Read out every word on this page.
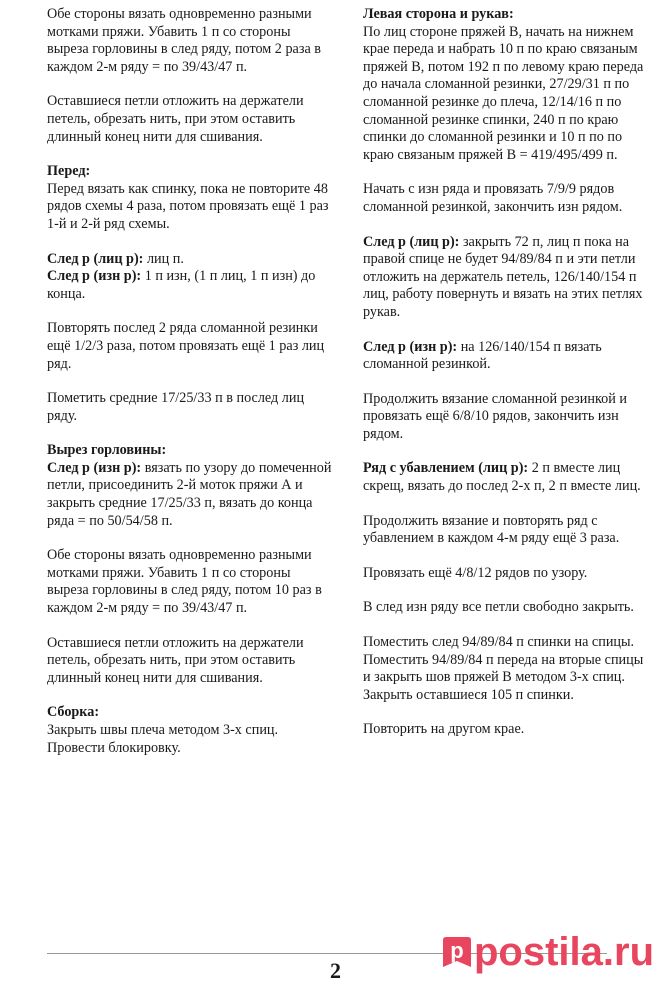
Обе стороны вязать одновременно разными мотками пряжи. Убавить 1 п со стороны выреза горловины в след ряду, потом 2 раза в каждом 2-м ряду = по 39/43/47 п.

Оставшиеся петли отложить на держатели петель, обрезать нить, при этом оставить длинный конец нити для сшивания.

Перед:

Перед вязать как спинку, пока не повторите 48 рядов схемы 4 раза, потом провязать ещё 1 раз 1-й и 2-й ряд схемы.

След р (лиц р): лиц п.

След р (изн р): 1 п изн, (1 п лиц, 1 п изн) до конца.

Повторять послед 2 ряда сломанной резинки ещё 1/2/3 раза, потом провязать ещё 1 раз лиц ряд.

Пометить средние 17/25/33 п в послед лиц ряду.

Вырез горловины:

След р (изн р): вязать по узору до помеченной петли, присоединить 2-й моток пряжи А и закрыть средние 17/25/33 п, вязать до конца ряда = по 50/54/58 п.

Обе стороны вязать одновременно разными мотками пряжи. Убавить 1 п со стороны выреза горловины в след ряду, потом 10 раз в каждом 2-м ряду = по 39/43/47 п.

Оставшиеся петли отложить на держатели петель, обрезать нить, при этом оставить длинный конец нити для сшивания.

Сборка:

Закрыть швы плеча методом 3-х спиц. Провести блокировку.

Левая сторона и рукав:

По лиц стороне пряжей В, начать на нижнем крае переда и набрать 10 п по краю связаным пряжей В, потом 192 п по левому краю переда до начала сломанной резинки, 27/29/31 п по сломанной резинке до плеча, 12/14/16 п по сломанной резинке спинки, 240 п по краю спинки до сломанной резинки и 10 п по по краю связаным пряжей В = 419/495/499 п.

Начать с изн ряда и провязать 7/9/9 рядов сломанной резинкой, закончить изн рядом.

След р (лиц р): закрыть 72 п, лиц п пока на правой спице не будет 94/89/84 п и эти петли отложить на держатель петель, 126/140/154 п лиц, работу повернуть и вязать на этих петлях рукав.

След р (изн р): на 126/140/154 п вязать сломанной резинкой.

Продолжить вязание сломанной резинкой и провязать ещё 6/8/10 рядов, закончить изн рядом.

Ряд с убавлением (лиц р): 2 п вместе лиц скрещ, вязать до послед 2-х п, 2 п вместе лиц.

Продолжить вязание и повторять ряд с убавлением в каждом 4-м ряду ещё 3 раза.

Провязать ещё 4/8/12 рядов по узору.

В след изн ряду все петли свободно закрыть.

Поместить след 94/89/84 п спинки на спицы. Поместить 94/89/84 п переда на вторые спицы и закрыть шов пряжей В методом 3-х спиц. Закрыть оставшиеся 105 п спинки.

Повторить на другом крае.

2
p postila.ru
